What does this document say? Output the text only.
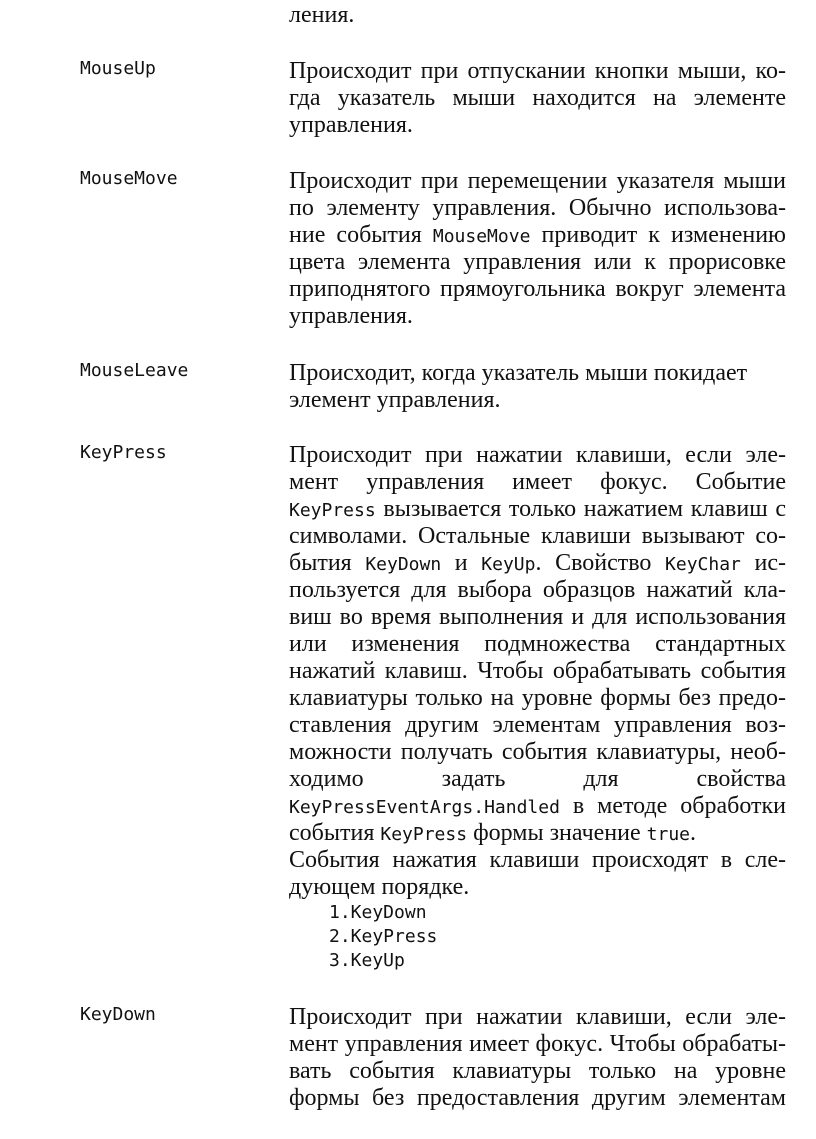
ления.
MouseUp	Происходит при отпускании кнопки мыши, ко-
гда указатель мыши находится на элементе
управления.
MouseMove	Происходит при перемещении указателя мыши
по элементу управления. Обычно использова-
ние события MouseMove приводит к изменению
цвета элемента управления или к прорисовке
приподнятого прямоугольника вокруг элемента
управления.
MouseLeave	Происходит, когда указатель мыши покидает
элемент управления.
KeyPress	Происходит при нажатии клавиши, если эле-
мент управления имеет фокус. Событие
KeyPress вызывается только нажатием клавиш с
символами. Остальные клавиши вызывают со-
бытия KeyDown и KeyUp. Свойство KeyChar ис-
пользуется для выбора образцов нажатий кла-
виш во время выполнения и для использования
или изменения подмножества стандартных
нажатий клавиш. Чтобы обрабатывать события
клавиатуры только на уровне формы без предо-
ставления другим элементам управления воз-
можности получать события клавиатуры, необ-
ходимо задать для свойства
KeyPressEventArgs.Handled в методе обработки
события KeyPress формы значение true.
События нажатия клавиши происходят в сле-
дующем порядке.
1.KeyDown
2.KeyPress
3.KeyUp
KeyDown	Происходит при нажатии клавиши, если эле-
мент управления имеет фокус. Чтобы обрабаты-
вать события клавиатуры только на уровне
формы без предоставления другим элементам
